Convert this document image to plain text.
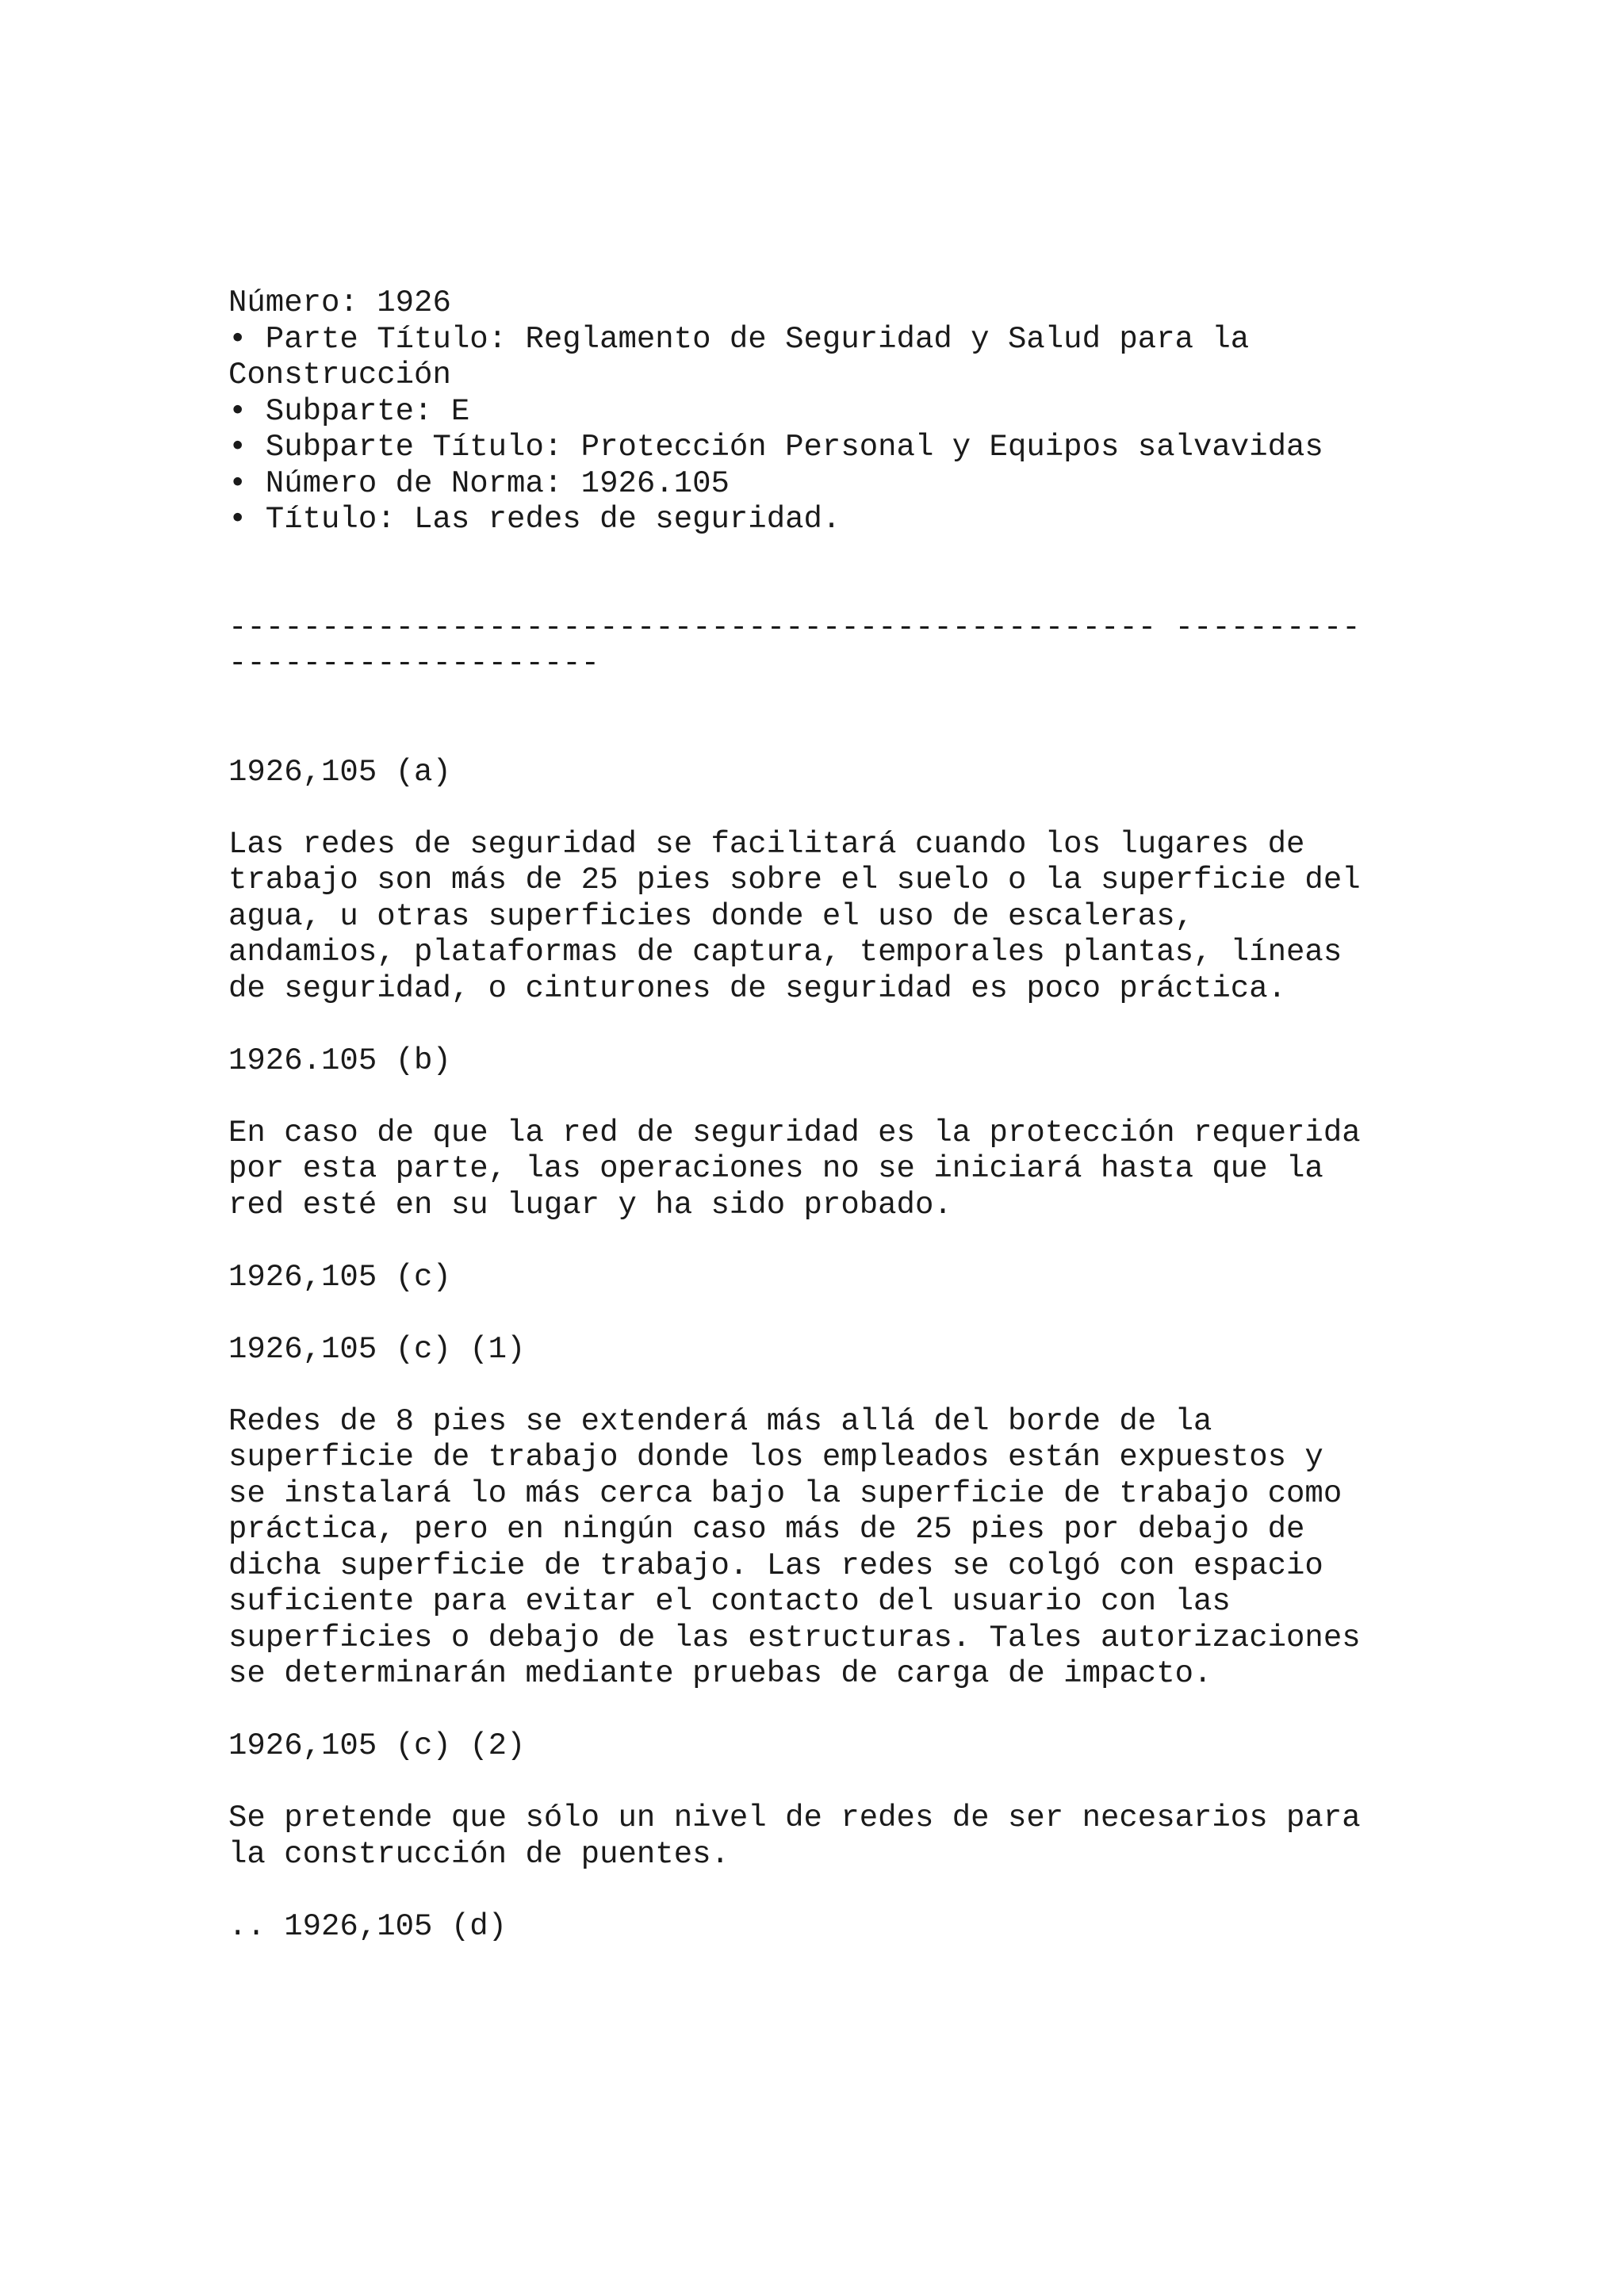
Número: 1926
• Parte Título: Reglamento de Seguridad y Salud para la
Construcción
• Subparte: E
• Subparte Título: Protección Personal y Equipos salvavidas
• Número de Norma: 1926.105
• Título: Las redes de seguridad.
-------------------------------------------------- ----------
--------------------
1926,105 (a)
Las redes de seguridad se facilitará cuando los lugares de
trabajo son más de 25 pies sobre el suelo o la superficie del
agua, u otras superficies donde el uso de escaleras,
andamios, plataformas de captura, temporales plantas, líneas
de seguridad, o cinturones de seguridad es poco práctica.
1926.105 (b)
En caso de que la red de seguridad es la protección requerida
por esta parte, las operaciones no se iniciará hasta que la
red esté en su lugar y ha sido probado.
1926,105 (c)
1926,105 (c) (1)
Redes de 8 pies se extenderá más allá del borde de la
superficie de trabajo donde los empleados están expuestos y
se instalará lo más cerca bajo la superficie de trabajo como
práctica, pero en ningún caso más de 25 pies por debajo de
dicha superficie de trabajo. Las redes se colgó con espacio
suficiente para evitar el contacto del usuario con las
superficies o debajo de las estructuras. Tales autorizaciones
se determinarán mediante pruebas de carga de impacto.
1926,105 (c) (2)
Se pretende que sólo un nivel de redes de ser necesarios para
la construcción de puentes.
.. 1926,105 (d)
